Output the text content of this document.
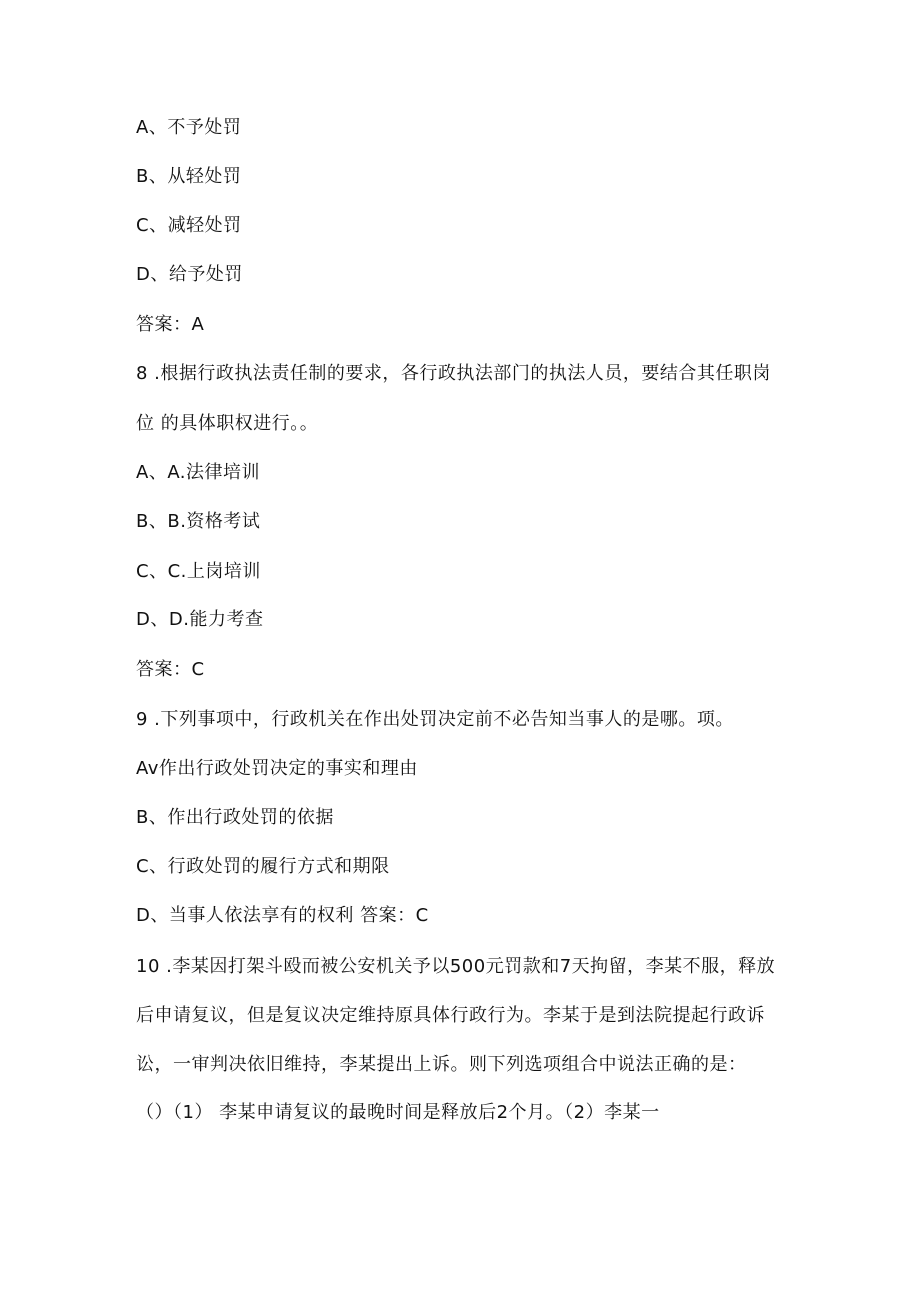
A、不予处罚
B、从轻处罚
C、减轻处罚
D、给予处罚
答案：A
8 .根据行政执法责任制的要求，各行政执法部门的执法人员，要结合其任职岗
位 的具体职权进行。。
A、A.法律培训
B、B.资格考试
C、C.上岗培训
D、D.能力考查
答案：C
9 .下列事项中，行政机关在作出处罚决定前不必告知当事人的是哪。项。
Av作出行政处罚决定的事实和理由
B、作出行政处罚的依据
C、行政处罚的履行方式和期限
D、当事人依法享有的权利 答案：C
10 .李某因打架斗殴而被公安机关予以500元罚款和7天拘留，李某不服，释放
后申请复议，但是复议决定维持原具体行政行为。李某于是到法院提起行政诉
讼，一审判决依旧维持，李某提出上诉。则下列选项组合中说法正确的是：
（）（1） 李某申请复议的最晚时间是释放后2个月。（2）李某一
